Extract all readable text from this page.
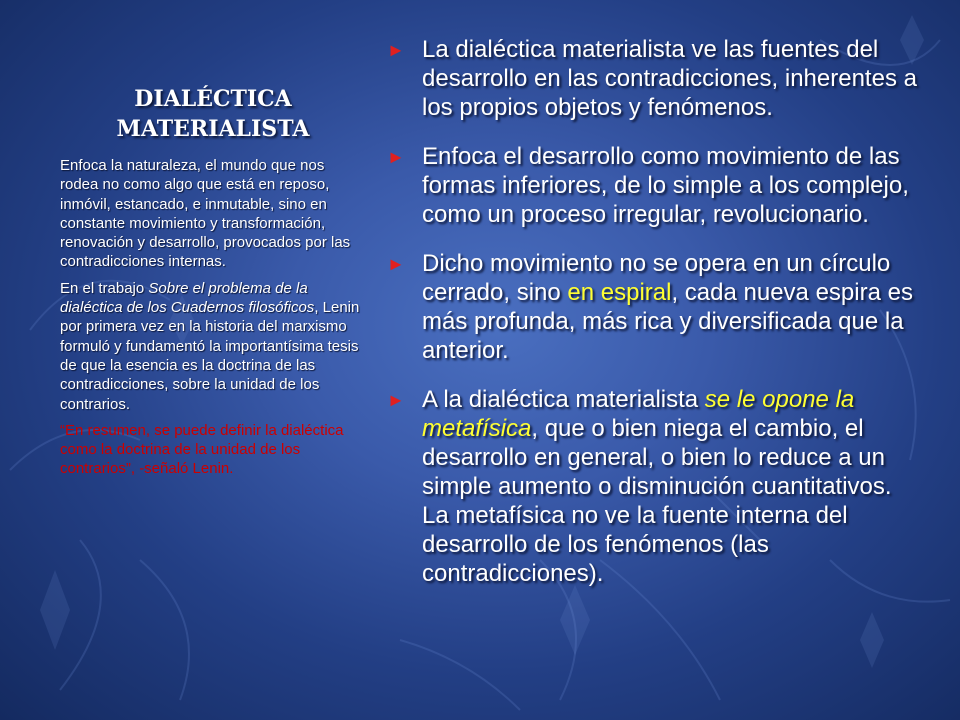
DIALÉCTICA
MATERIALISTA

Enfoca la naturaleza, el mundo que nos rodea no como algo que está en reposo, inmóvil, estancado, e inmutable, sino en constante movimiento y transformación, renovación y desarrollo, provocados por las contradicciones internas.

En el trabajo Sobre el problema de la dialéctica de los Cuadernos filosóficos, Lenin por primera vez en la historia del marxismo formuló y fundamentó la importantísima tesis de que la esencia es la doctrina de las contradicciones, sobre la unidad de los contrarios.

“En resumen, se puede definir la dialéctica como la doctrina de la unidad de los contrarios”, -señaló Lenin.

► La dialéctica materialista ve las fuentes del desarrollo en las contradicciones, inherentes a los propios objetos y fenómenos.
► Enfoca el desarrollo como movimiento de las formas inferiores, de lo simple a los complejo, como un proceso irregular, revolucionario.
► Dicho movimiento no se opera en un círculo cerrado, sino en espiral, cada nueva espira es más profunda, más rica y diversificada que la anterior.
► A la dialéctica materialista se le opone la metafísica, que o bien niega el cambio, el desarrollo en general, o bien lo reduce a un simple aumento o disminución cuantitativos. La metafísica no ve la fuente interna del desarrollo de los fenómenos (las contradicciones).
